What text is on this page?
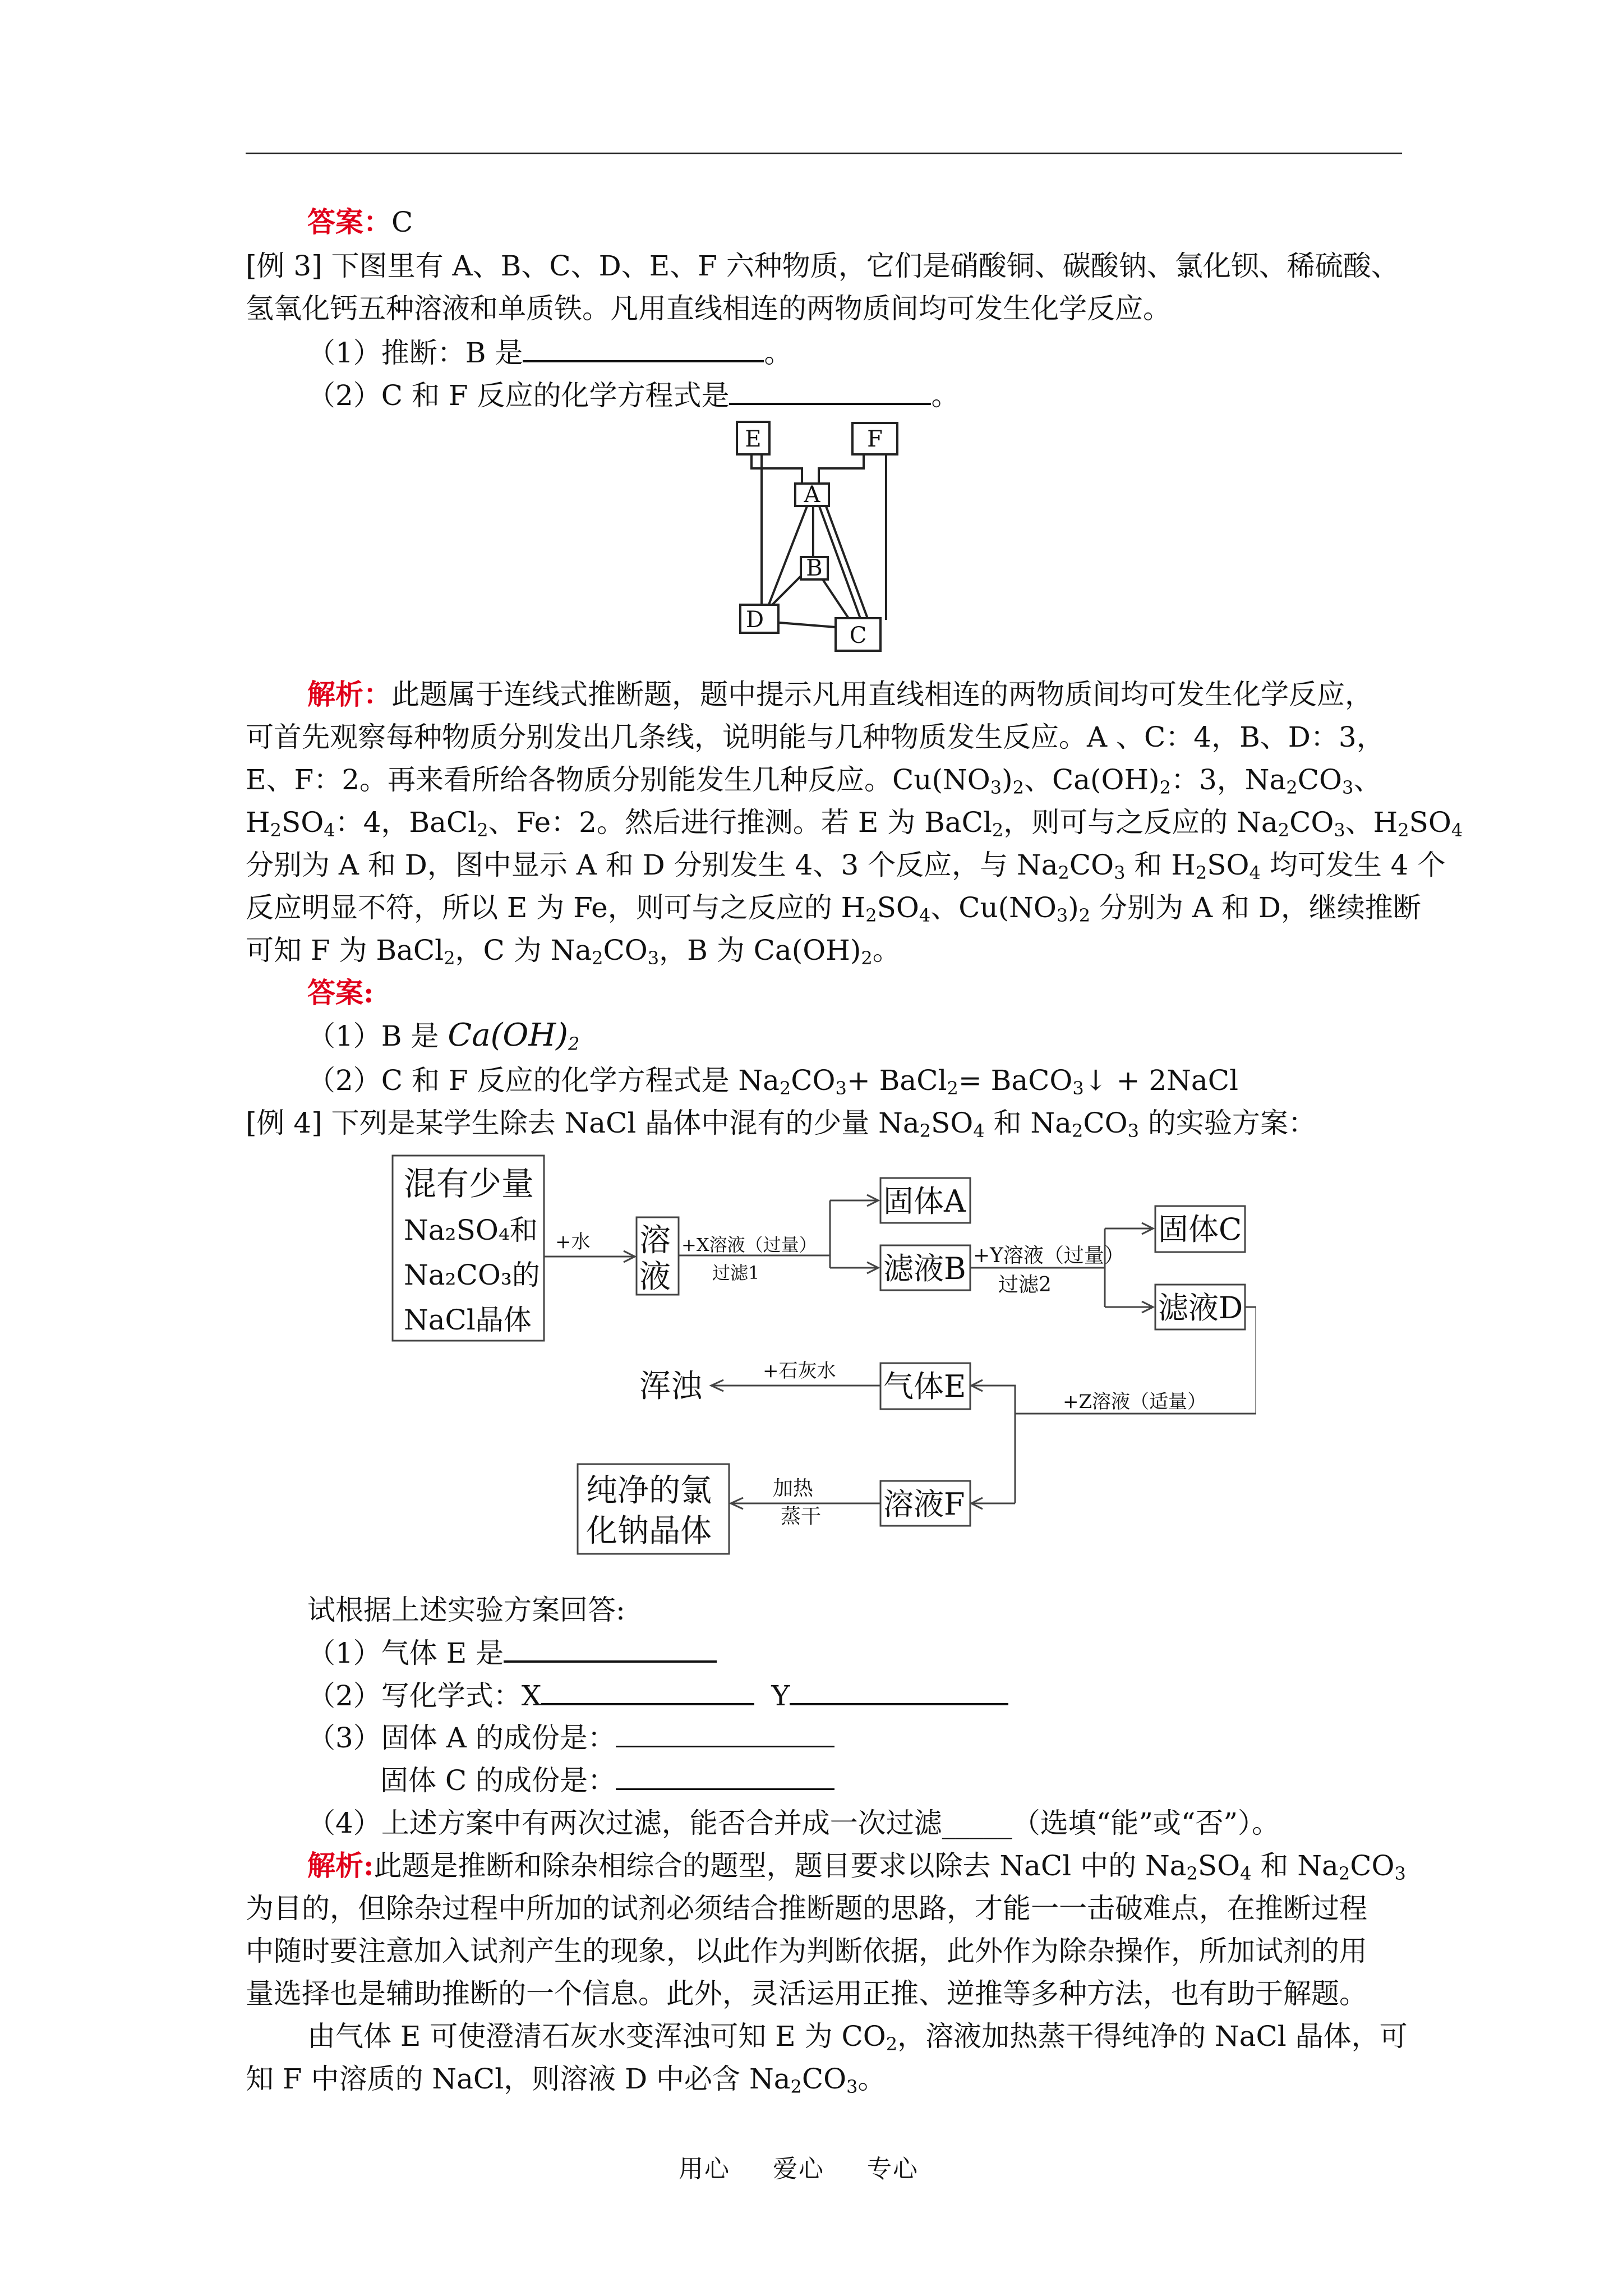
答案：C
[例 3] 下图里有 A、B、C、D、E、F 六种物质，它们是硝酸铜、碳酸钠、氯化钡、稀硫酸、
氢氧化钙五种溶液和单质铁。凡用直线相连的两物质间均可发生化学反应。
（1）推断：B 是	。
（2）C 和 F 反应的化学方程式是	。
E	F
A
B
D
C
解析：此题属于连线式推断题，题中提示凡用直线相连的两物质间均可发生化学反应，
可首先观察每种物质分别发出几条线，说明能与几种物质发生反应。A 、C：4，B、D：3，
E、F：2。再来看所给各物质分别能发生几种反应。$Cu(NO_3)_2$、$Ca(OH)_2$：3，$Na_2CO_3$、
$H_2SO_4$：4，BaCl$_2$、Fe：2。然后进行推测。若 E 为 BaCl$_2$，则可与之反应的 $Na_2CO_3$、$H_2SO_4$
分别为 A 和 D，图中显示 A 和 D 分别发生 4、3 个反应，与 $Na_2CO_3$ 和 $H_2SO_4$ 均可发生 4 个
反应明显不符，所以 E 为 Fe，则可与之反应的 $H_2SO_4$、$Cu(NO_3)_2$ 分别为 A 和 D，继续推断
可知 F 为 BaCl$_2$，C 为 $Na_2CO_3$，B 为 $Ca(OH)_2$。
答案:
（1）B 是 $Ca(OH)_2$
（2）C 和 F 反应的化学方程式是 $Na_2CO_3+$ BaCl$_2$= BaCO$_3$↓ + 2NaCl
[例 4] 下列是某学生除去 NaCl 晶体中混有的少量 $Na_2SO_4$ 和 $Na_2CO_3$ 的实验方案：
混有少量
Na₂SO₄和
Na₂CO₃的
NaCl晶体
+水 溶
液
+X溶液（过量）
过滤1
固体A
滤液B +Y溶液（过量）
过滤2
固体C
滤液D
+Z溶液（适量）
气体E
+石灰水
浑浊
溶液F
加热
蒸干
纯净的氯
化钠晶体
试根据上述实验方案回答:
（1）气体 E 是
（2）写化学式：X	Y
（3）固体 A 的成份是：
固体 C 的成份是：
（4）上述方案中有两次过滤，能否合并成一次过滤_____（选填“能”或“否”）。
解析:此题是推断和除杂相综合的题型，题目要求以除去 NaCl 中的 $Na_2SO_4$ 和 $Na_2CO_3$
为目的，但除杂过程中所加的试剂必须结合推断题的思路，才能一一击破难点，在推断过程
中随时要注意加入试剂产生的现象，以此作为判断依据，此外作为除杂操作，所加试剂的用
量选择也是辅助推断的一个信息。此外，灵活运用正推、逆推等多种方法，也有助于解题。
由气体 E 可使澄清石灰水变浑浊可知 E 为 $CO_2$，溶液加热蒸干得纯净的 NaCl 晶体，可
知 F 中溶质的 NaCl，则溶液 D 中必含 $Na_2CO_3$。
用心 爱心 专心
